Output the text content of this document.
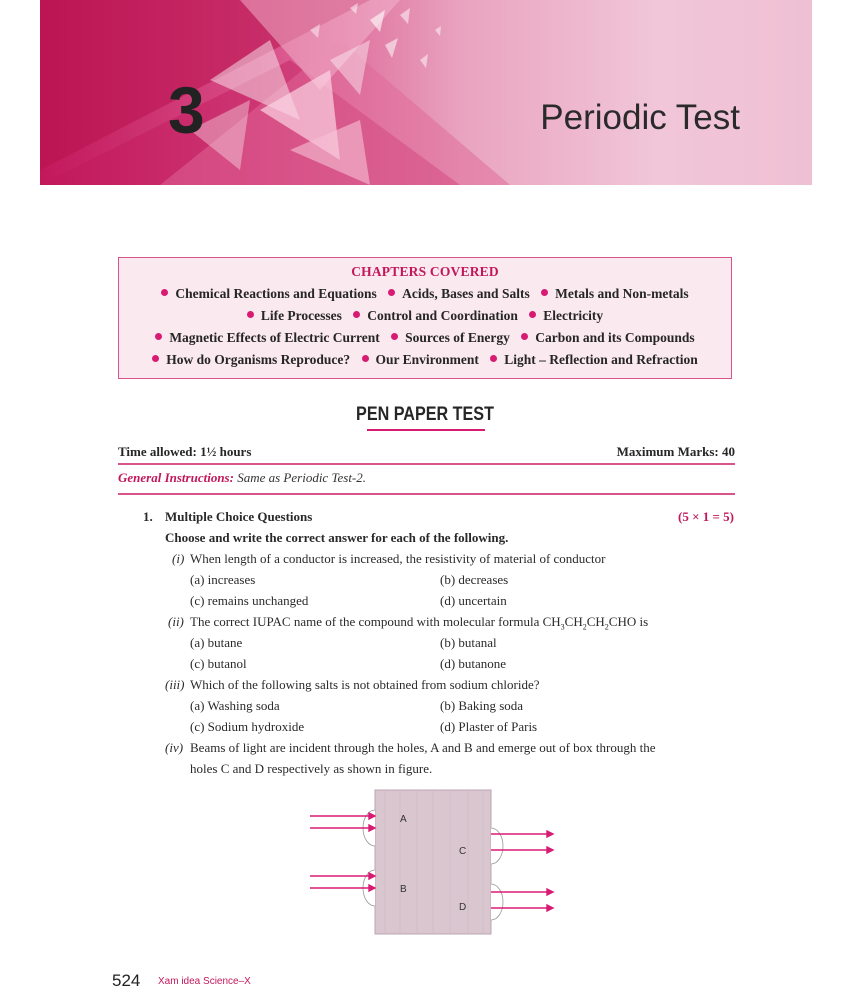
3	Periodic Test
CHAPTERS COVERED
Chemical Reactions and Equations Acids, Bases and Salts Metals and Non-metals
Life Processes Control and Coordination Electricity
Magnetic Effects of Electric Current Sources of Energy Carbon and its Compounds
How do Organisms Reproduce? Our Environment Light – Reflection and Refraction
PEN PAPER TEST
Time allowed: 1½ hours	Maximum Marks: 40
General Instructions: Same as Periodic Test-2.
1. Multiple Choice Questions	(5 × 1 = 5)
Choose and write the correct answer for each of the following.
(i) When length of a conductor is increased, the resistivity of material of conductor
(a) increases	(b) decreases
(c) remains unchanged	(d) uncertain
(ii) The correct IUPAC name of the compound with molecular formula $CH_3CH_2CH_2CHO$ is
(a) butane	(b) butanal
(c) butanol	(d) butanone
(iii) Which of the following salts is not obtained from sodium chloride?
(a) Washing soda	(b) Baking soda
(c) Sodium hydroxide	(d) Plaster of Paris
(iv) Beams of light are incident through the holes, A and B and emerge out of box through the
holes C and D respectively as shown in figure.
A
B
C
D
524 Xam idea Science–X
